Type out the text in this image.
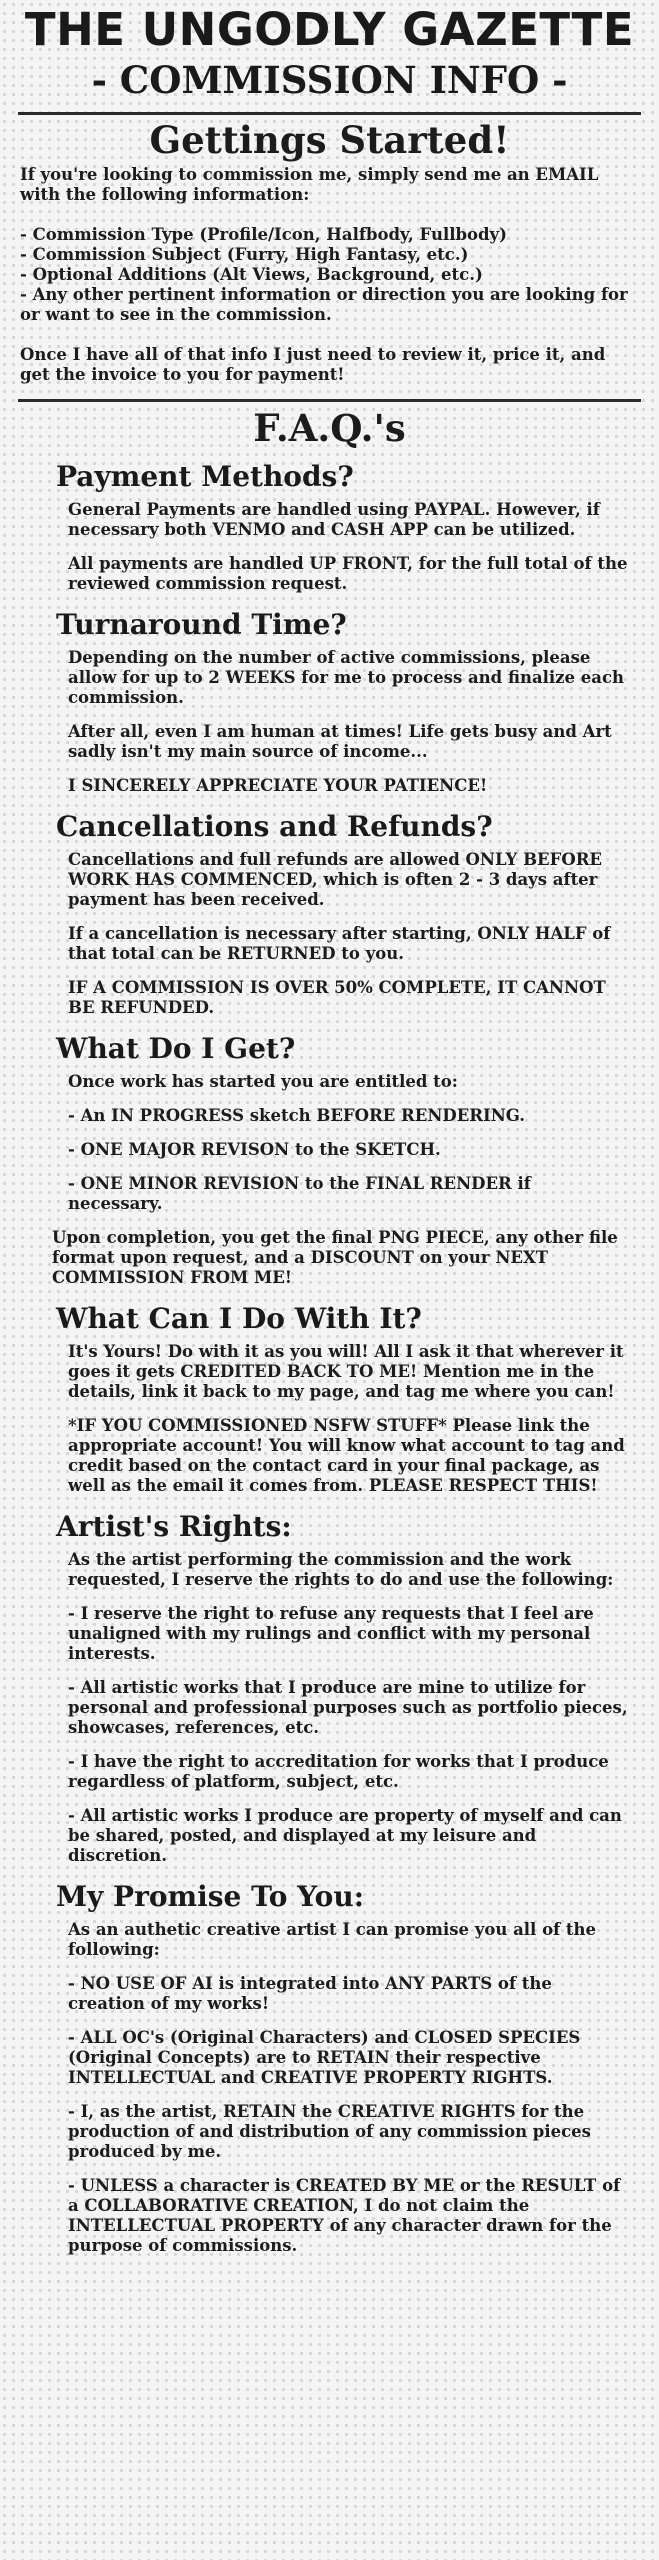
THE UNGODLY GAZETTE
- COMMISSION INFO -
Gettings Started!

If you're looking to commission me, simply send me an EMAIL with the following information:

- Commission Type (Profile/Icon, Halfbody, Fullbody)
- Commission Subject (Furry, High Fantasy, etc.)
- Optional Additions (Alt Views, Background, etc.)
- Any other pertinent information or direction you are looking for or want to see in the commission.

Once I have all of that info I just need to review it, price it, and get the invoice to you for payment!

F.A.Q.'s
Payment Methods?

General Payments are handled using PAYPAL. However, if necessary both VENMO and CASH APP can be utilized.

All payments are handled UP FRONT, for the full total of the reviewed commission request.

Turnaround Time?

Depending on the number of active commissions, please allow for up to 2 WEEKS for me to process and finalize each commission.

After all, even I am human at times! Life gets busy and Art sadly isn't my main source of income...

I SINCERELY APPRECIATE YOUR PATIENCE!

Cancellations and Refunds?

Cancellations and full refunds are allowed ONLY BEFORE WORK HAS COMMENCED, which is often 2 - 3 days after payment has been received.

If a cancellation is necessary after starting, ONLY HALF of that total can be RETURNED to you.

IF A COMMISSION IS OVER 50% COMPLETE, IT CANNOT BE REFUNDED.

What Do I Get?

Once work has started you are entitled to:

- An IN PROGRESS sketch BEFORE RENDERING.

- ONE MAJOR REVISON to the SKETCH.

- ONE MINOR REVISION to the FINAL RENDER if necessary.

Upon completion, you get the final PNG PIECE, any other file format upon request, and a DISCOUNT on your NEXT COMMISSION FROM ME!

What Can I Do With It?

It's Yours! Do with it as you will! All I ask it that wherever it goes it gets CREDITED BACK TO ME! Mention me in the details, link it back to my page, and tag me where you can!

*IF YOU COMMISSIONED NSFW STUFF* Please link the appropriate account! You will know what account to tag and credit based on the contact card in your final package, as well as the email it comes from. PLEASE RESPECT THIS!

Artist's Rights:

As the artist performing the commission and the work requested, I reserve the rights to do and use the following:

- I reserve the right to refuse any requests that I feel are unaligned with my rulings and conflict with my personal interests.

- All artistic works that I produce are mine to utilize for personal and professional purposes such as portfolio pieces, showcases, references, etc.

- I have the right to accreditation for works that I produce regardless of platform, subject, etc.

- All artistic works I produce are property of myself and can be shared, posted, and displayed at my leisure and discretion.

My Promise To You:

As an authetic creative artist I can promise you all of the following:

- NO USE OF AI is integrated into ANY PARTS of the creation of my works!

- ALL OC's (Original Characters) and CLOSED SPECIES (Original Concepts) are to RETAIN their respective INTELLECTUAL and CREATIVE PROPERTY RIGHTS.

- I, as the artist, RETAIN the CREATIVE RIGHTS for the production of and distribution of any commission pieces produced by me.

- UNLESS a character is CREATED BY ME or the RESULT of a COLLABORATIVE CREATION, I do not claim the INTELLECTUAL PROPERTY of any character drawn for the purpose of commissions.
